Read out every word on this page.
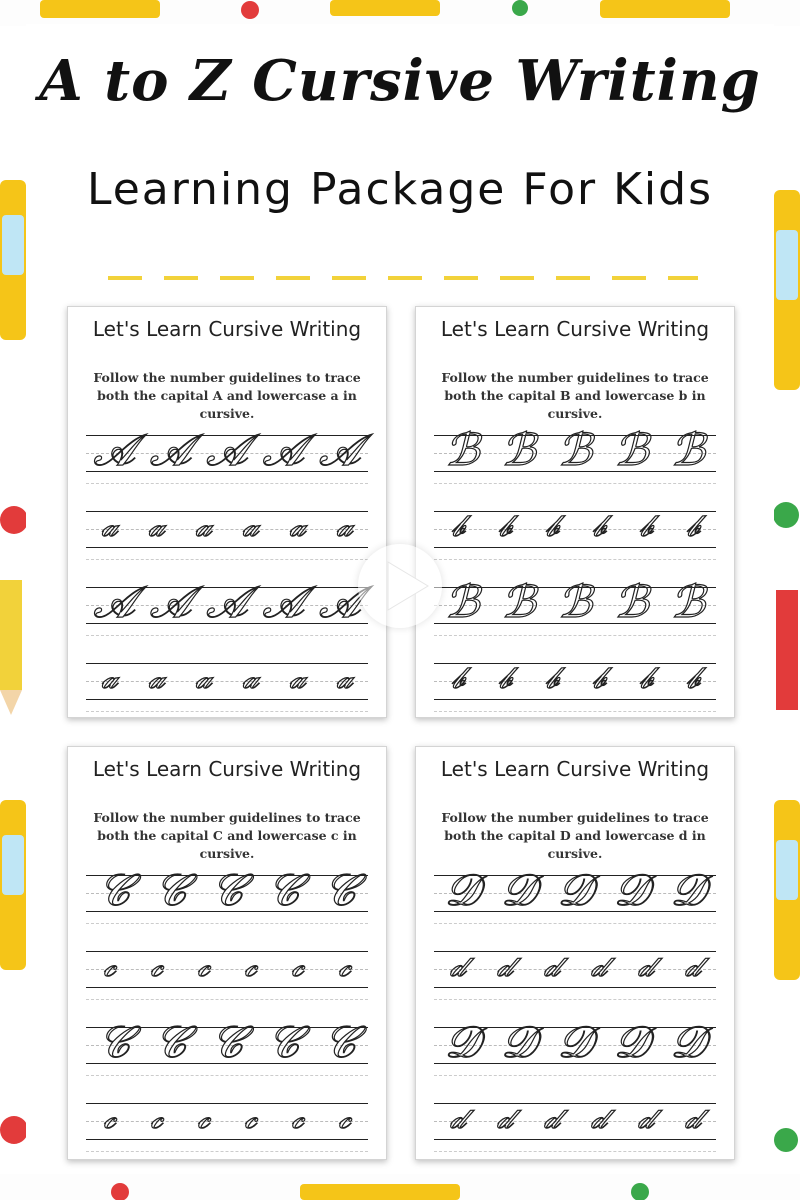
A to Z Cursive Writing
Learning Package For Kids
Let's Learn Cursive Writing
Follow the number guidelines to trace both the capital A and lowercase a in cursive.
𝒜 𝒜 𝒜 𝒜 𝒜
𝒶 𝒶 𝒶 𝒶 𝒶 𝒶
𝒜 𝒜 𝒜 𝒜 𝒜
𝒶 𝒶 𝒶 𝒶 𝒶 𝒶
Let's Learn Cursive Writing
Follow the number guidelines to trace both the capital B and lowercase b in cursive.
ℬ ℬ ℬ ℬ ℬ
𝒷 𝒷 𝒷 𝒷 𝒷 𝒷
ℬ ℬ ℬ ℬ ℬ
𝒷 𝒷 𝒷 𝒷 𝒷 𝒷
Let's Learn Cursive Writing
Follow the number guidelines to trace both the capital C and lowercase c in cursive.
𝒞 𝒞 𝒞 𝒞 𝒞
𝒸 𝒸 𝒸 𝒸 𝒸 𝒸
𝒞 𝒞 𝒞 𝒞 𝒞
𝒸 𝒸 𝒸 𝒸 𝒸 𝒸
Let's Learn Cursive Writing
Follow the number guidelines to trace both the capital D and lowercase d in cursive.
𝒟 𝒟 𝒟 𝒟 𝒟
𝒹 𝒹 𝒹 𝒹 𝒹 𝒹
𝒟 𝒟 𝒟 𝒟 𝒟
𝒹 𝒹 𝒹 𝒹 𝒹 𝒹
